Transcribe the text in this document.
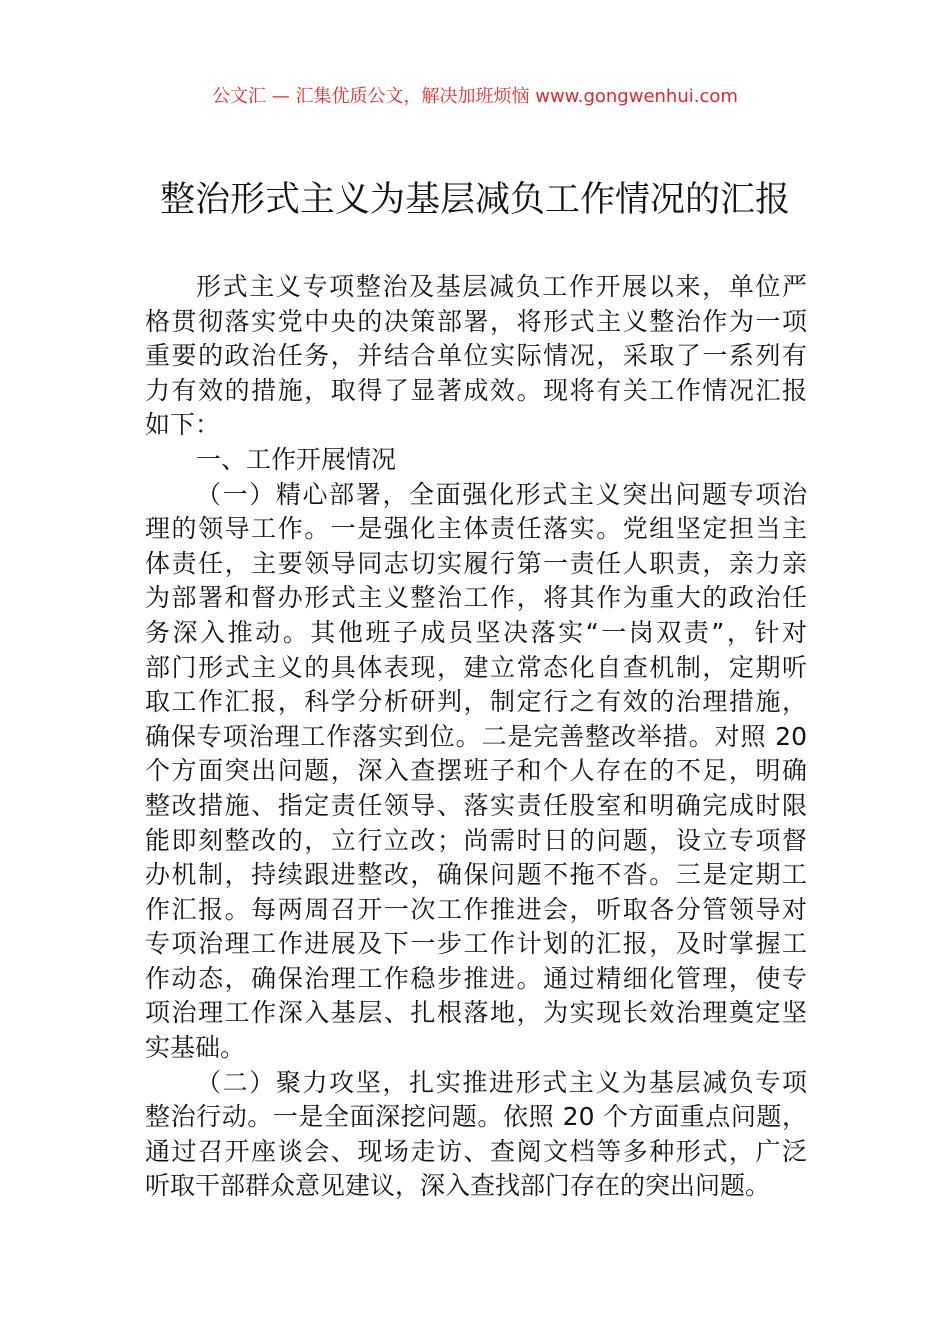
公文汇 — 汇集优质公文，解决加班烦恼 www.gongwenhui.com
整治形式主义为基层减负工作情况的汇报
形式主义专项整治及基层减负工作开展以来，单位严
格贯彻落实党中央的决策部署，将形式主义整治作为一项
重要的政治任务，并结合单位实际情况，采取了一系列有
力有效的措施，取得了显著成效。现将有关工作情况汇报
如下：
一、工作开展情况
（一）精心部署，全面强化形式主义突出问题专项治
理的领导工作。一是强化主体责任落实。党组坚定担当主
体责任，主要领导同志切实履行第一责任人职责，亲力亲
为部署和督办形式主义整治工作，将其作为重大的政治任
务深入推动。其他班子成员坚决落实“一岗双责”，针对
部门形式主义的具体表现，建立常态化自查机制，定期听
取工作汇报，科学分析研判，制定行之有效的治理措施，
确保专项治理工作落实到位。二是完善整改举措。对照 20
个方面突出问题，深入查摆班子和个人存在的不足，明确
整改措施、指定责任领导、落实责任股室和明确完成时限
能即刻整改的，立行立改；尚需时日的问题，设立专项督
办机制，持续跟进整改，确保问题不拖不沓。三是定期工
作汇报。每两周召开一次工作推进会，听取各分管领导对
专项治理工作进展及下一步工作计划的汇报，及时掌握工
作动态，确保治理工作稳步推进。通过精细化管理，使专
项治理工作深入基层、扎根落地，为实现长效治理奠定坚
实基础。
（二）聚力攻坚，扎实推进形式主义为基层减负专项
整治行动。一是全面深挖问题。依照 20 个方面重点问题，
通过召开座谈会、现场走访、查阅文档等多种形式，广泛
听取干部群众意见建议，深入查找部门存在的突出问题。
